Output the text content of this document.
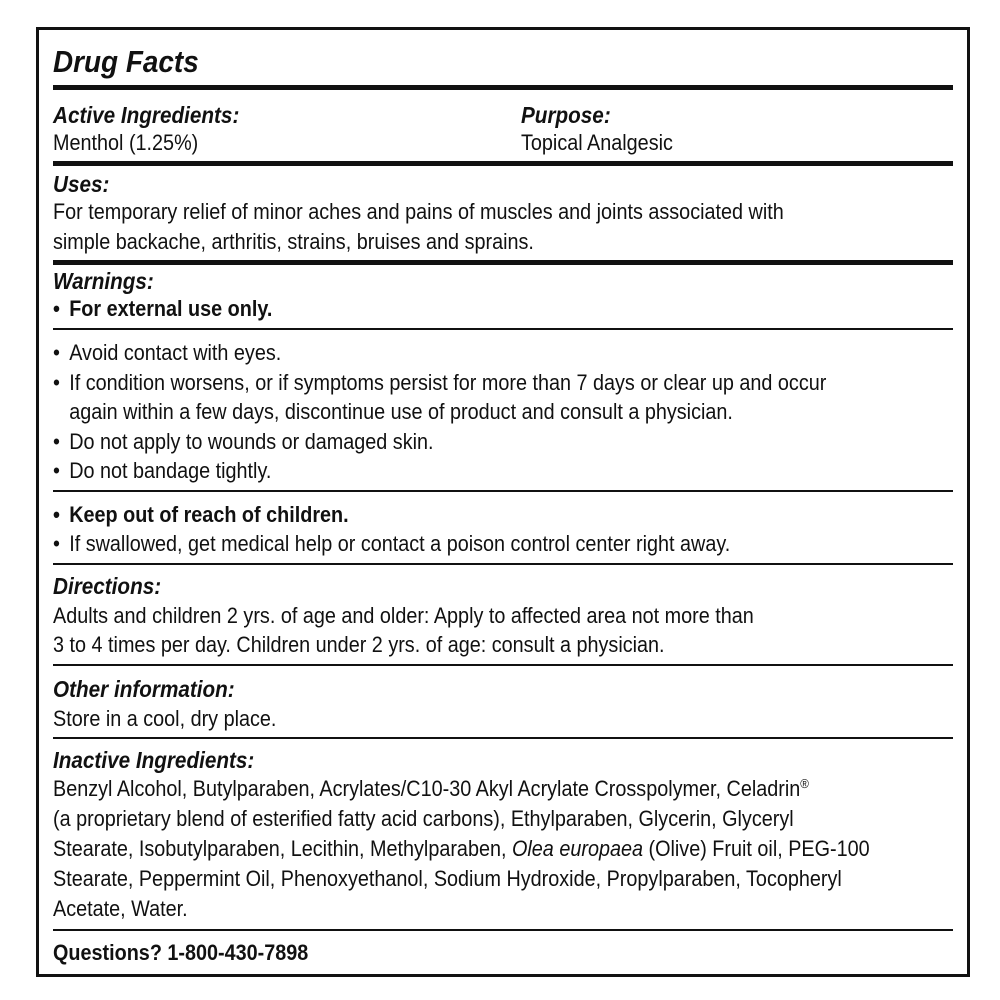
Drug Facts
Active Ingredients:
Menthol (1.25%)
Purpose:
Topical Analgesic
Uses:
For temporary relief of minor aches and pains of muscles and joints associated with
simple backache, arthritis, strains, bruises and sprains.
Warnings:
• For external use only.
• Avoid contact with eyes.
• If condition worsens, or if symptoms persist for more than 7 days or clear up and occur
again within a few days, discontinue use of product and consult a physician.
• Do not apply to wounds or damaged skin.
• Do not bandage tightly.
• Keep out of reach of children.
• If swallowed, get medical help or contact a poison control center right away.
Directions:
Adults and children 2 yrs. of age and older: Apply to affected area not more than
3 to 4 times per day. Children under 2 yrs. of age: consult a physician.
Other information:
Store in a cool, dry place.
Inactive Ingredients:
Benzyl Alcohol, Butylparaben, Acrylates/C10-30 Akyl Acrylate Crosspolymer, Celadrin®
(a proprietary blend of esterified fatty acid carbons), Ethylparaben, Glycerin, Glyceryl
Stearate, Isobutylparaben, Lecithin, Methylparaben, Olea europaea (Olive) Fruit oil, PEG-100
Stearate, Peppermint Oil, Phenoxyethanol, Sodium Hydroxide, Propylparaben, Tocopheryl
Acetate, Water.
Questions? 1-800-430-7898
